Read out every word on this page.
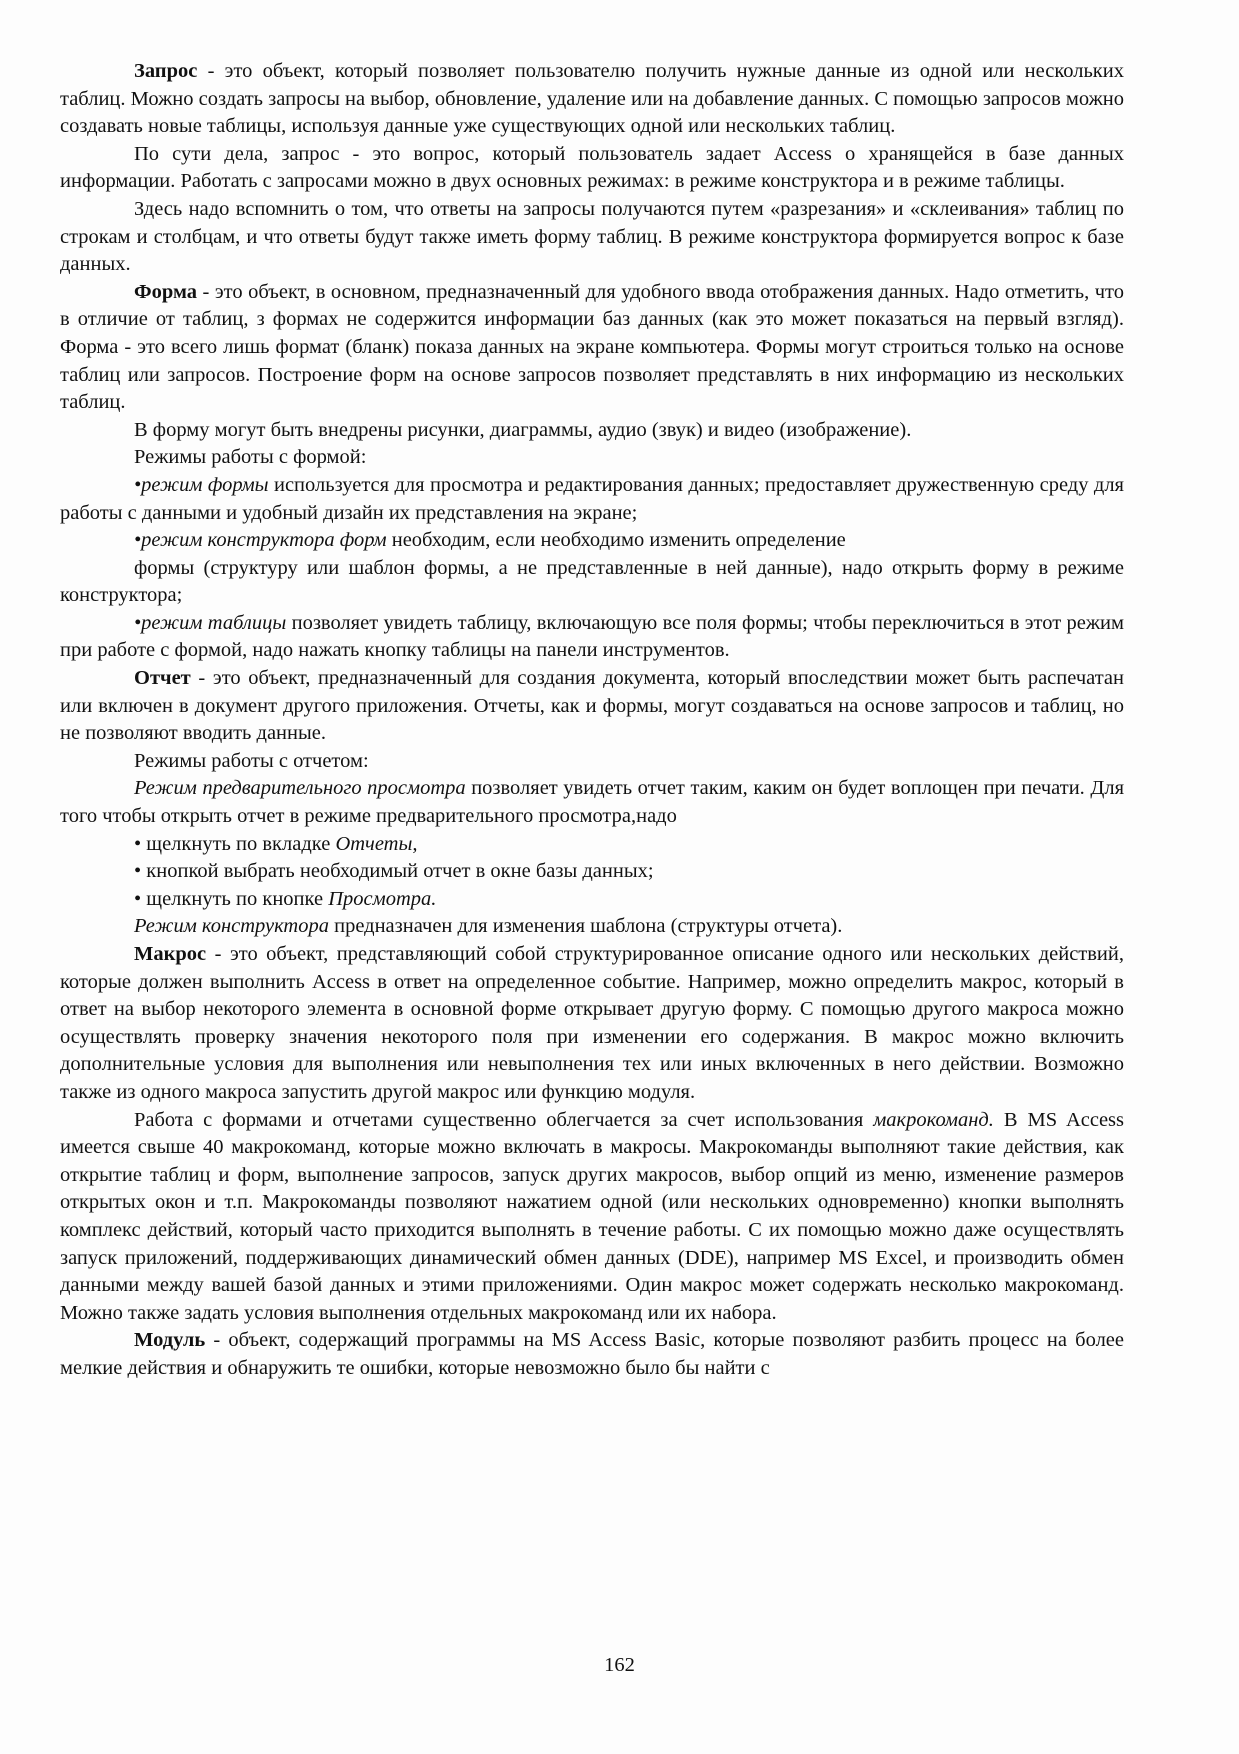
Запрос - это объект, который позволяет пользователю получить нужные данные из одной или нескольких таблиц. Можно создать запросы на выбор, обновление, удаление или на добавление данных. С помощью запросов можно создавать новые таблицы, используя данные уже существующих одной или нескольких таблиц.

По сути дела, запрос - это вопрос, который пользователь задает Access о хранящейся в базе данных информации. Работать с запросами можно в двух основных режимах: в режиме конструктора и в режиме таблицы.

Здесь надо вспомнить о том, что ответы на запросы получаются путем «разрезания» и «склеивания» таблиц по строкам и столбцам, и что ответы будут также иметь форму таблиц. В режиме конструктора формируется вопрос к базе данных.

Форма - это объект, в основном, предназначенный для удобного ввода отображения данных. Надо отметить, что в отличие от таблиц, з формах не содержится информации баз данных (как это может показаться на первый взгляд). Форма - это всего лишь формат (бланк) показа данных на экране компьютера. Формы могут строиться только на основе таблиц или запросов. Построение форм на основе запросов позволяет представлять в них информацию из нескольких таблиц.

В форму могут быть внедрены рисунки, диаграммы, аудио (звук) и видео (изображение).

Режимы работы с формой:

•режим формы используется для просмотра и редактирования данных; предоставляет дружественную среду для работы с данными и удобный дизайн их представления на экране;

•режим конструктора форм необходим, если необходимо изменить определение

формы (структуру или шаблон формы, а не представленные в ней данные), надо открыть форму в режиме конструктора;

•режим таблицы позволяет увидеть таблицу, включающую все поля формы; чтобы переключиться в этот режим при работе с формой, надо нажать кнопку таблицы на панели инструментов.

Отчет - это объект, предназначенный для создания документа, который впоследствии может быть распечатан или включен в документ другого приложения. Отчеты, как и формы, могут создаваться на основе запросов и таблиц, но не позволяют вводить данные.

Режимы работы с отчетом:

Режим предварительного просмотра позволяет увидеть отчет таким, каким он будет воплощен при печати. Для того чтобы открыть отчет в режиме предварительного просмотра,надо

• щелкнуть по вкладке Отчеты,

• кнопкой выбрать необходимый отчет в окне базы данных;

• щелкнуть по кнопке Просмотра.

Режим конструктора предназначен для изменения шаблона (структуры отчета).

Макрос - это объект, представляющий собой структурированное описание одного или нескольких действий, которые должен выполнить Access в ответ на определенное событие. Например, можно определить макрос, который в ответ на выбор некоторого элемента в основной форме открывает другую форму. С помощью другого макроса можно осуществлять проверку значения некоторого поля при изменении его содержания. В макрос можно включить дополнительные условия для выполнения или невыполнения тех или иных включенных в него действии. Возможно также из одного макроса запустить другой макрос или функцию модуля.

Работа с формами и отчетами существенно облегчается за счет использования макрокоманд. В MS Access имеется свыше 40 макрокоманд, которые можно включать в макросы. Макрокоманды выполняют такие действия, как открытие таблиц и форм, выполнение запросов, запуск других макросов, выбор опций из меню, изменение размеров открытых окон и т.п. Макрокоманды позволяют нажатием одной (или нескольких одновременно) кнопки выполнять комплекс действий, который часто приходится выполнять в течение работы. С их помощью можно даже осуществлять запуск приложений, поддерживающих динамический обмен данных (DDE), например MS Excel, и производить обмен данными между вашей базой данных и этими приложениями. Один макрос может содержать несколько макрокоманд. Можно также задать условия выполнения отдельных макрокоманд или их набора.

Модуль - объект, содержащий программы на MS Access Basic, которые позволяют разбить процесс на более мелкие действия и обнаружить те ошибки, которые невозможно было бы найти с

162
